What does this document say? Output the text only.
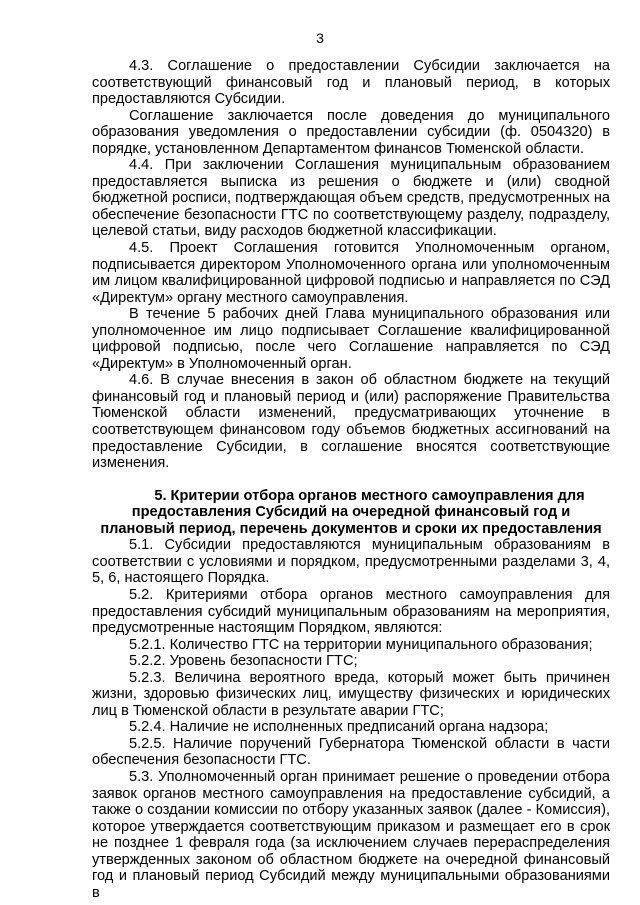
3

4.3. Соглашение о предоставлении Субсидии заключается на соответствующий финансовый год и плановый период, в которых предоставляются Субсидии.

Соглашение заключается после доведения до муниципального образования уведомления о предоставлении субсидии (ф. 0504320) в порядке, установленном Департаментом финансов Тюменской области.

4.4. При заключении Соглашения муниципальным образованием предоставляется выписка из решения о бюджете и (или) сводной бюджетной росписи, подтверждающая объем средств, предусмотренных на обеспечение безопасности ГТС по соответствующему разделу, подразделу, целевой статьи, виду расходов бюджетной классификации.

4.5. Проект Соглашения готовится Уполномоченным органом, подписывается директором Уполномоченного органа или уполномоченным им лицом квалифицированной цифровой подписью и направляется по СЭД «Директум» органу местного самоуправления.

В течение 5 рабочих дней Глава муниципального образования или уполномоченное им лицо подписывает Соглашение квалифицированной цифровой подписью, после чего Соглашение направляется по СЭД «Директум» в Уполномоченный орган.

4.6. В случае внесения в закон об областном бюджете на текущий финансовый год и плановый период и (или) распоряжение Правительства Тюменской области изменений, предусматривающих уточнение в соответствующем финансовом году объемов бюджетных ассигнований на предоставление Субсидии, в соглашение вносятся соответствующие изменения.

5. Критерии отбора органов местного самоуправления для предоставления Субсидий на очередной финансовый год и плановый период, перечень документов и сроки их предоставления

5.1. Субсидии предоставляются муниципальным образованиям в соответствии с условиями и порядком, предусмотренными разделами 3, 4, 5, 6, настоящего Порядка.

5.2. Критериями отбора органов местного самоуправления для предоставления субсидий муниципальным образованиям на мероприятия, предусмотренные настоящим Порядком, являются:

5.2.1. Количество ГТС на территории муниципального образования;

5.2.2. Уровень безопасности ГТС;

5.2.3. Величина вероятного вреда, который может быть причинен жизни, здоровью физических лиц, имуществу физических и юридических лиц в Тюменской области в результате аварии ГТС;

5.2.4. Наличие не исполненных предписаний органа надзора;

5.2.5. Наличие поручений Губернатора Тюменской области в части обеспечения безопасности ГТС.

5.3. Уполномоченный орган принимает решение о проведении отбора заявок органов местного самоуправления на предоставление субсидий, а также о создании комиссии по отбору указанных заявок (далее - Комиссия), которое утверждается соответствующим приказом и размещает его в срок не позднее 1 февраля года (за исключением случаев перераспределения утвержденных законом об областном бюджете на очередной финансовый год и плановый период Субсидий между муниципальными образованиями в
